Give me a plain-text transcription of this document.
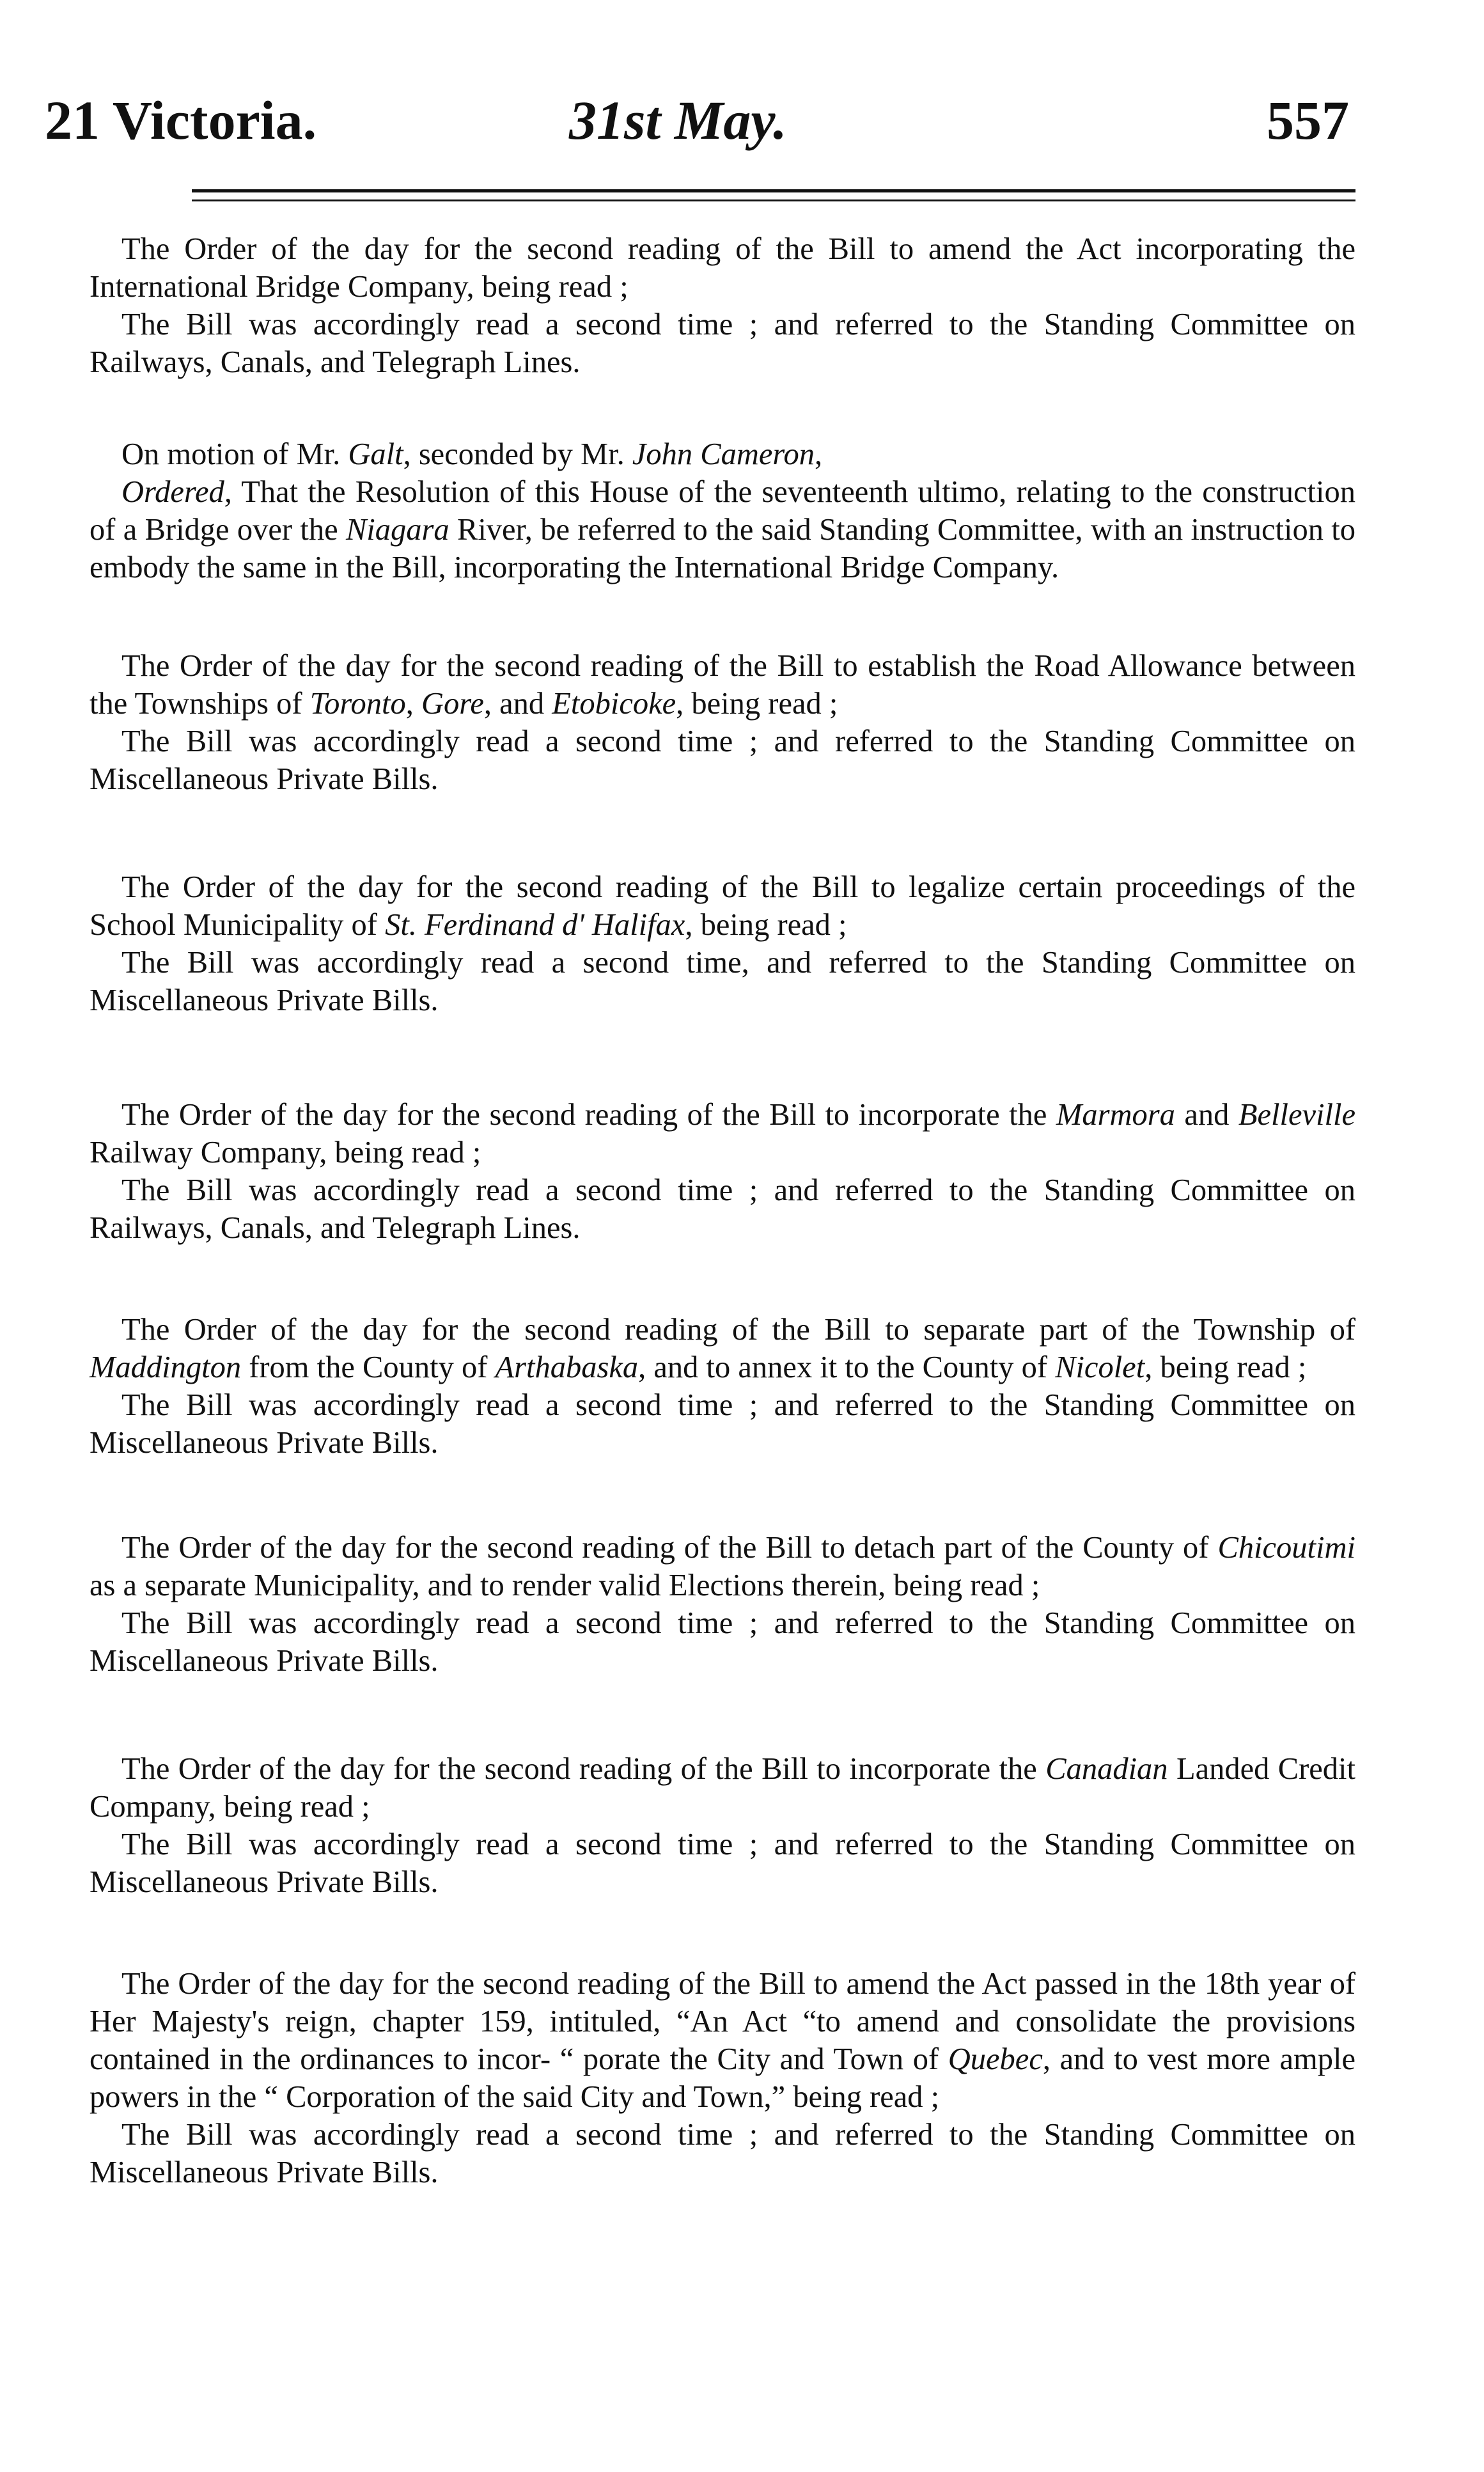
21 Victoria.	31st May.	557

The Order of the day for the second reading of the Bill to amend the Act incorporating the International Bridge Company, being read ;

The Bill was accordingly read a second time ; and referred to the Standing Committee on Railways, Canals, and Telegraph Lines.

On motion of Mr. Galt, seconded by Mr. John Cameron,

Ordered, That the Resolution of this House of the seventeenth ultimo, relating to the construction of a Bridge over the Niagara River, be referred to the said Standing Committee, with an instruction to embody the same in the Bill, incorporating the International Bridge Company.

The Order of the day for the second reading of the Bill to establish the Road Allowance between the Townships of Toronto, Gore, and Etobicoke, being read ;

The Bill was accordingly read a second time ; and referred to the Standing Committee on Miscellaneous Private Bills.

The Order of the day for the second reading of the Bill to legalize certain proceedings of the School Municipality of St. Ferdinand d' Halifax, being read ;

The Bill was accordingly read a second time, and referred to the Standing Committee on Miscellaneous Private Bills.

The Order of the day for the second reading of the Bill to incorporate the Marmora and Belleville Railway Company, being read ;

The Bill was accordingly read a second time ; and referred to the Standing Committee on Railways, Canals, and Telegraph Lines.

The Order of the day for the second reading of the Bill to separate part of the Township of Maddington from the County of Arthabaska, and to annex it to the County of Nicolet, being read ;

The Bill was accordingly read a second time ; and referred to the Standing Committee on Miscellaneous Private Bills.

The Order of the day for the second reading of the Bill to detach part of the County of Chicoutimi as a separate Municipality, and to render valid Elections therein, being read ;

The Bill was accordingly read a second time ; and referred to the Standing Committee on Miscellaneous Private Bills.

The Order of the day for the second reading of the Bill to incorporate the Canadian Landed Credit Company, being read ;

The Bill was accordingly read a second time ; and referred to the Standing Committee on Miscellaneous Private Bills.

The Order of the day for the second reading of the Bill to amend the Act passed in the 18th year of Her Majesty's reign, chapter 159, intituled, “An Act “to amend and consolidate the provisions contained in the ordinances to incor- “ porate the City and Town of Quebec, and to vest more ample powers in the “ Corporation of the said City and Town,” being read ;

The Bill was accordingly read a second time ; and referred to the Standing Committee on Miscellaneous Private Bills.
